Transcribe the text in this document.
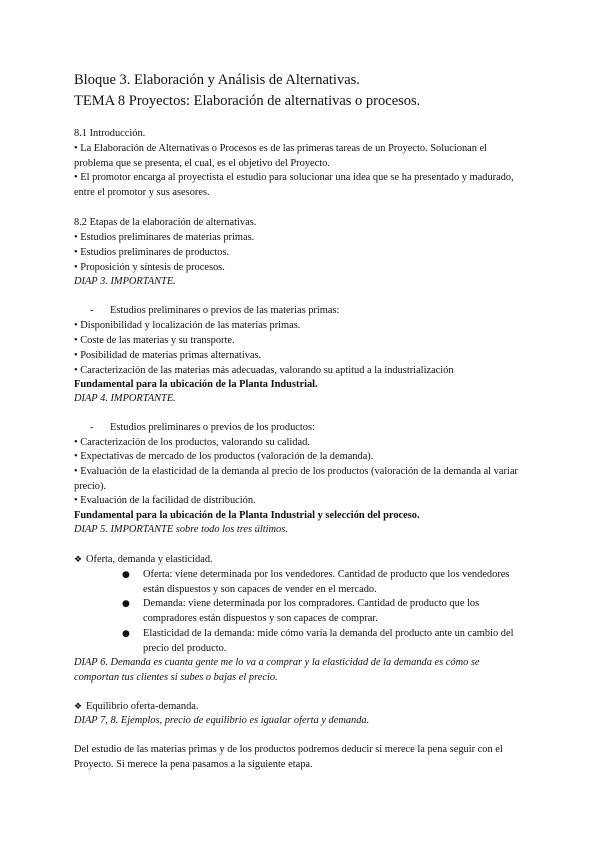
Bloque 3. Elaboración y Análisis de Alternativas.
TEMA 8 Proyectos: Elaboración de alternativas o procesos.
8.1 Introducción.
• La Elaboración de Alternativas o Procesos es de las primeras tareas de un Proyecto. Solucionan el problema que se presenta, el cual, es el objetivo del Proyecto.
• El promotor encarga al proyectista el estudio para solucionar una idea que se ha presentado y madurado, entre el promotor y sus asesores.
8.2 Etapas de la elaboración de alternativas.
• Estudios preliminares de materias primas.
• Estudios preliminares de productos.
• Proposición y síntesis de procesos.
DIAP 3. IMPORTANTE.
- Estudios preliminares o previos de las materias primas:
• Disponibilidad y localización de las materias primas.
• Coste de las materias y su transporte.
• Posibilidad de materias primas alternativas.
• Caracterización de las materias más adecuadas, valorando su aptitud a la industrialización
Fundamental para la ubicación de la Planta Industrial.
DIAP 4. IMPORTANTE.
- Estudios preliminares o previos de los productos:
• Caracterización de los productos, valorando su calidad.
• Expectativas de mercado de los productos (valoración de la demanda).
• Evaluación de la elasticidad de la demanda al precio de los productos (valoración de la demanda al variar precio).
• Evaluación de la facilidad de distribución.
Fundamental para la ubicación de la Planta Industrial y selección del proceso.
DIAP 5. IMPORTANTE sobre todo los tres últimos.
❖ Oferta, demanda y elasticidad.
●	Oferta: viene determinada por los vendedores. Cantidad de producto que los vendedores están dispuestos y son capaces de vender en el mercado.
●	Demanda: viene determinada por los compradores. Cantidad de producto que los compradores están dispuestos y son capaces de comprar.
●	Elasticidad de la demanda: mide cómo varía la demanda del producto ante un cambio del precio del producto.
DIAP 6. Demanda es cuanta gente me lo va a comprar y la elasticidad de la demanda es cómo se comportan tus clientes si subes o bajas el precio.
❖ Equilibrio oferta-demanda.
DIAP 7, 8. Ejemplos, precio de equilibrio es igualar oferta y demanda.
Del estudio de las materias primas y de los productos podremos deducir si merece la pena seguir con el Proyecto. Si merece la pena pasamos a la siguiente etapa.
